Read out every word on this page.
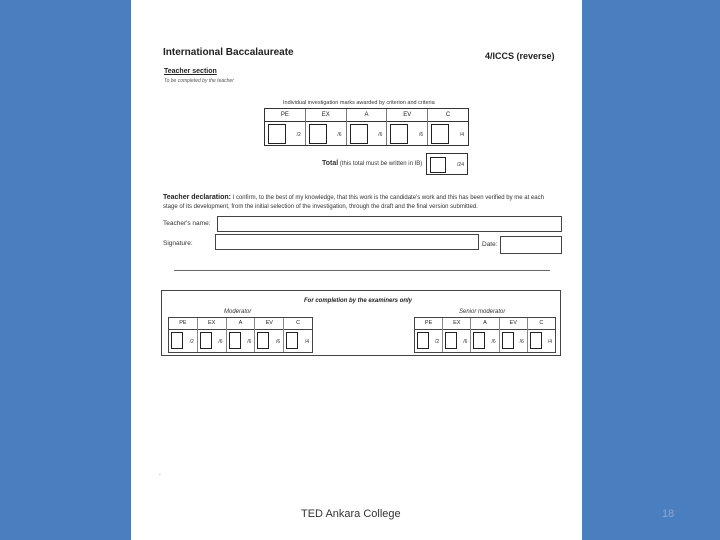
International Baccalaureate	4/ICCS (reverse)
Teacher section
To be completed by the teacher
Individual investigation marks awarded by criterion and criteria
PE	EX	A	EV	C
/2	/6	/6	/6	/4
Total (this total must be written in IB)	/24
Teacher declaration: I confirm, to the best of my knowledge, that this work is the candidate's work and this has been verified by me at each stage of its development, from the initial selection of the investigation, through the draft and the final version submitted.
Teacher's name:
Signature:	Date:
For completion by the examiners only
Moderator	Senior moderator
PE	EX	A	EV	C
/2	/6	/6	/6	/4
PE	EX	A	EV	C
/2	/6	/6	/6	/4
.
TED Ankara College	18
